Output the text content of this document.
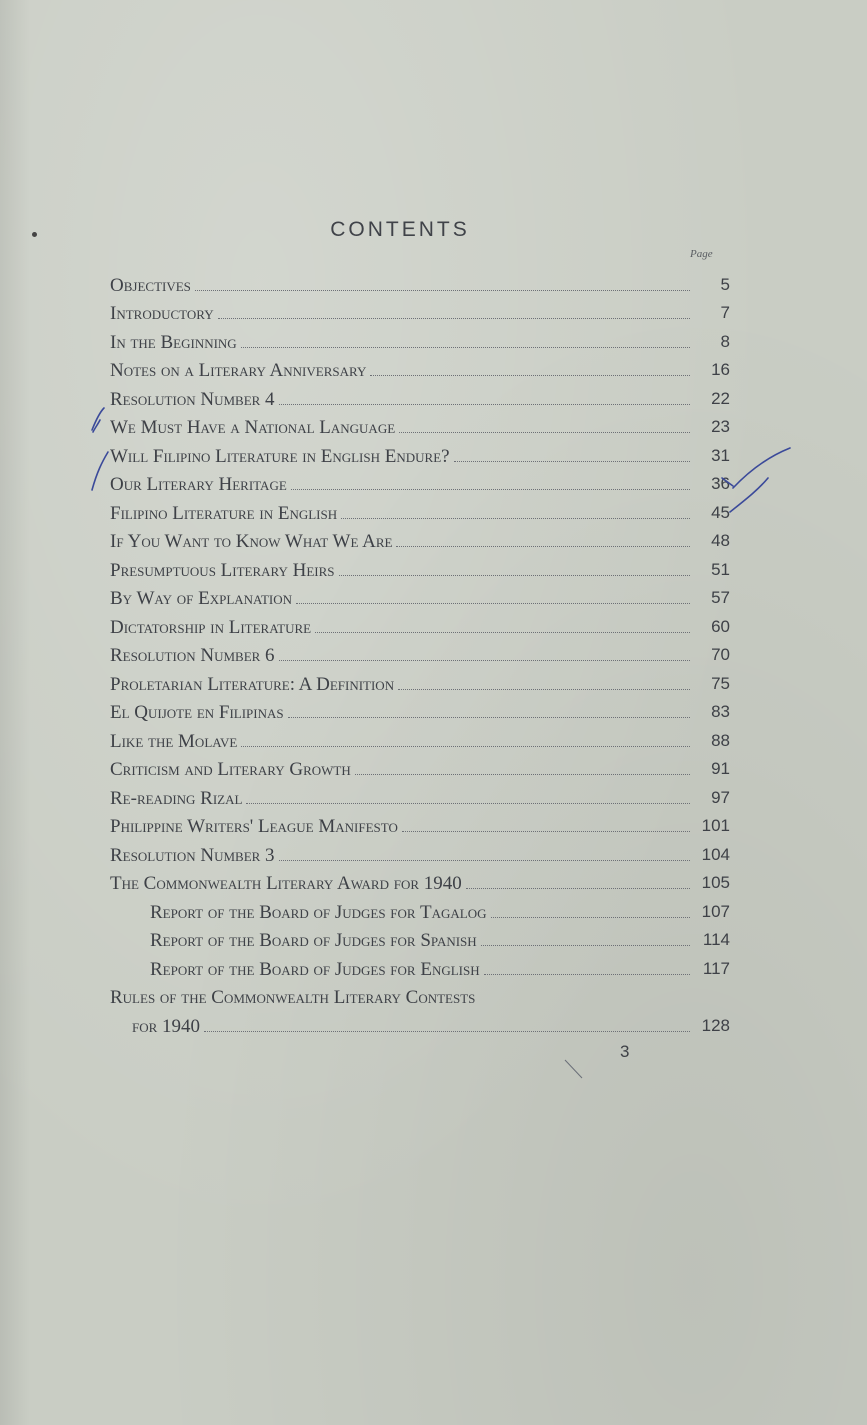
CONTENTS
Page
Objectives	5
Introductory	7
In the Beginning	8
Notes on a Literary Anniversary	16
Resolution Number 4	22
We Must Have a National Language	23
Will Filipino Literature in English Endure?	31
Our Literary Heritage	36
Filipino Literature in English	45
If You Want to Know What We Are	48
Presumptuous Literary Heirs	51
By Way of Explanation	57
Dictatorship in Literature	60
Resolution Number 6	70
Proletarian Literature: A Definition	75
El Quijote en Filipinas	83
Like the Molave	88
Criticism and Literary Growth	91
Re-reading Rizal	97
Philippine Writers' League Manifesto	101
Resolution Number 3	104
The Commonwealth Literary Award for 1940	105
Report of the Board of Judges for Tagalog	107
Report of the Board of Judges for Spanish	114
Report of the Board of Judges for English	117
Rules of the Commonwealth Literary Contests
for 1940	128
3
